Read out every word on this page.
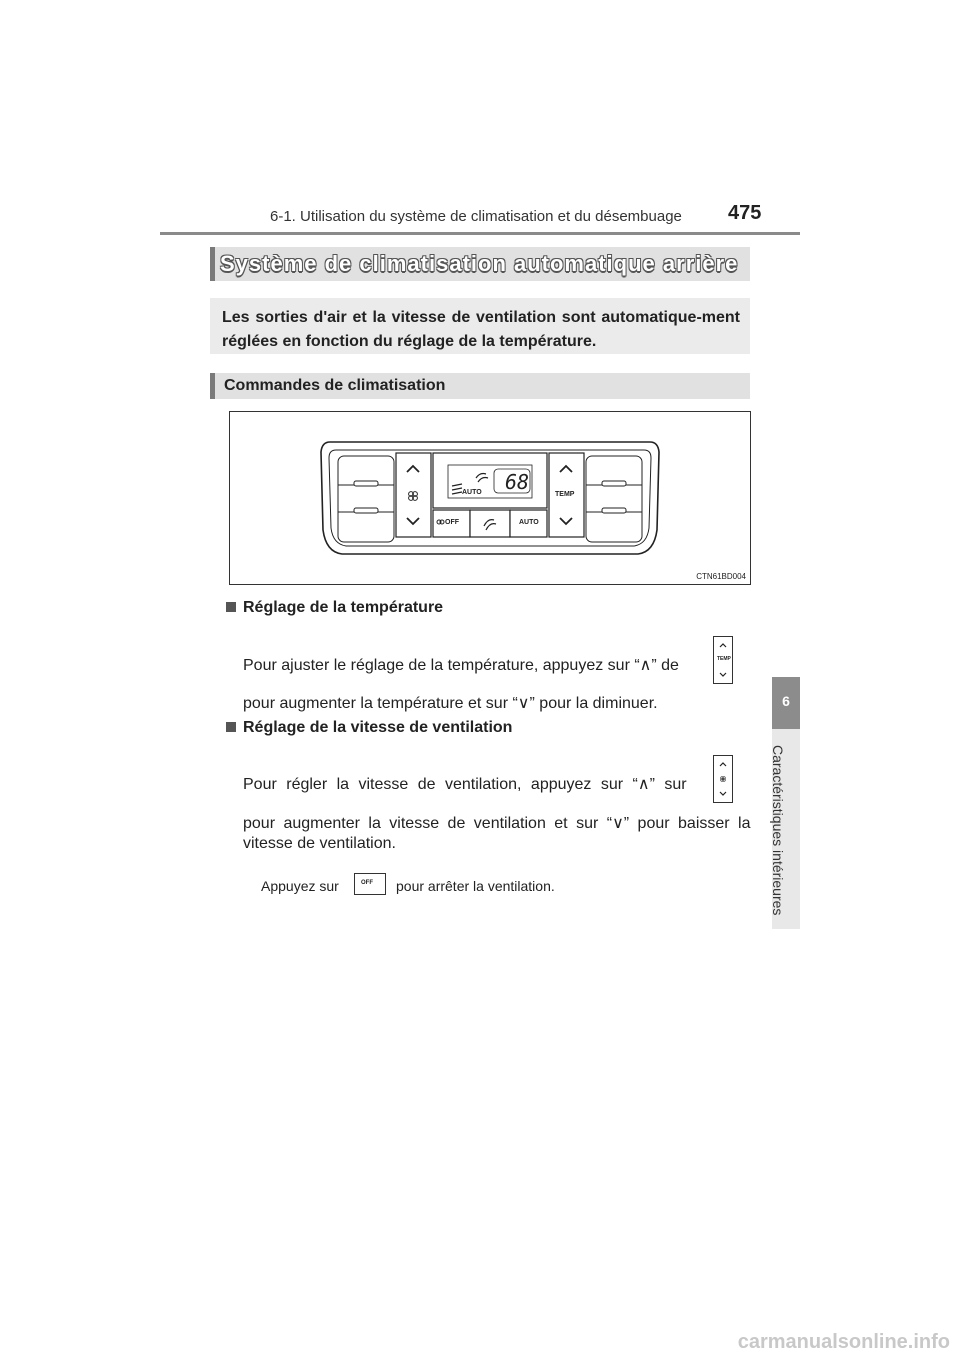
6-1. Utilisation du système de climatisation et du désembuage 475
6
Caractéristiques intérieures
Système de climatisation automatique arrière

Les sorties d'air et la vitesse de ventilation sont automatique-ment réglées en fonction du réglage de la température.

Commandes de climatisation
AUTO 68
TEMP
OFF	AUTO
CTN61BD004
Réglage de la température
Pour ajuster le réglage de la température, appuyez sur “∧” de	TEMP
pour augmenter la température et sur “∨” pour la diminuer.
Réglage de la vitesse de ventilation
Pour régler la vitesse de ventilation, appuyez sur “∧” sur
pour augmenter la vitesse de ventilation et sur “∨” pour baisser la
vitesse de ventilation.
Appuyez sur	OFF pour arrêter la ventilation.
carmanualsonline.info
